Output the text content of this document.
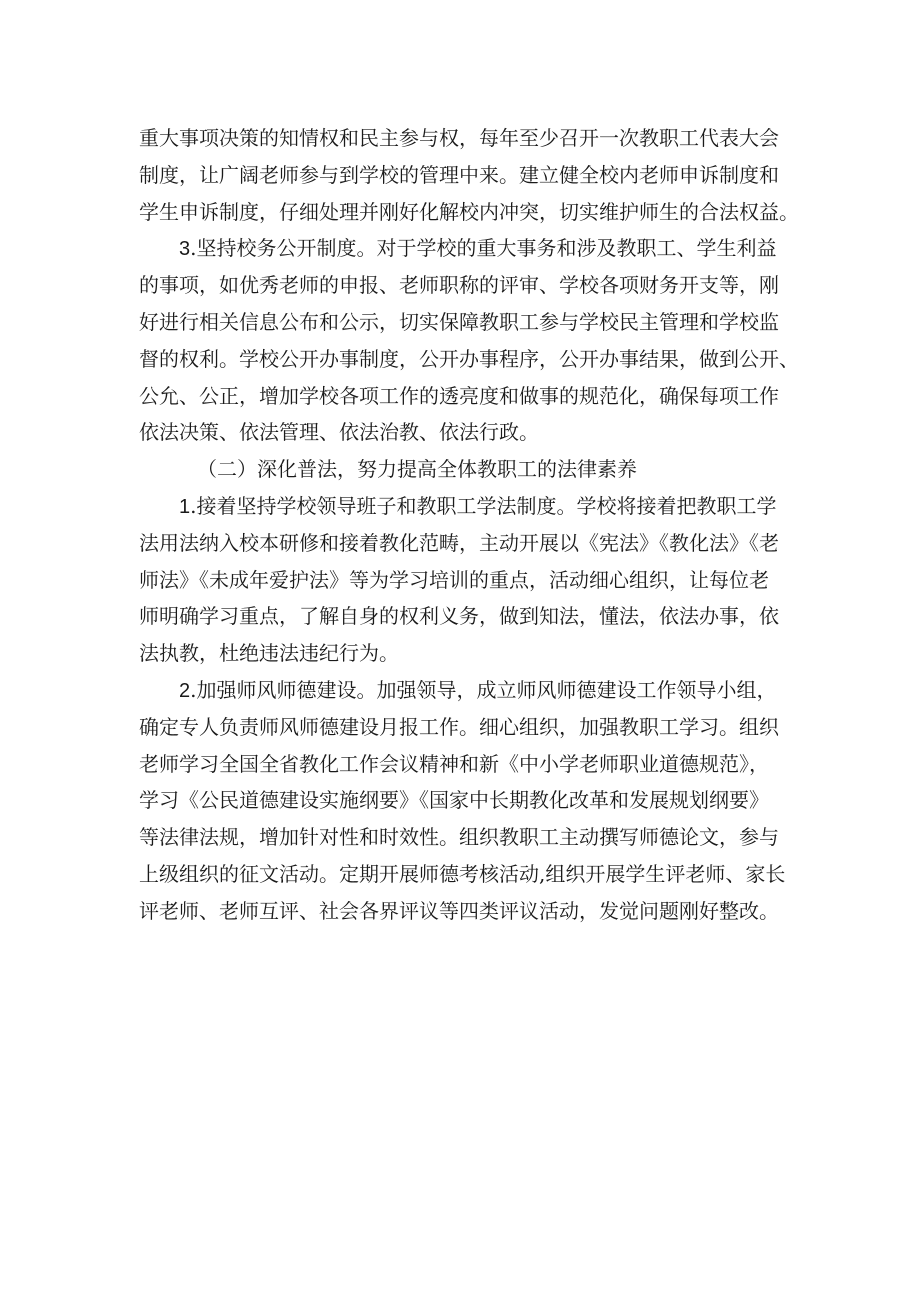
重大事项决策的知情权和民主参与权，每年至少召开一次教职工代表大会
制度，让广阔老师参与到学校的管理中来。建立健全校内老师申诉制度和
学生申诉制度，仔细处理并刚好化解校内冲突，切实维护师生的合法权益。
3.坚持校务公开制度。对于学校的重大事务和涉及教职工、学生利益
的事项，如优秀老师的申报、老师职称的评审、学校各项财务开支等，刚
好进行相关信息公布和公示，切实保障教职工参与学校民主管理和学校监
督的权利。学校公开办事制度，公开办事程序，公开办事结果，做到公开、
公允、公正，增加学校各项工作的透亮度和做事的规范化，确保每项工作
依法决策、依法管理、依法治教、依法行政。
（二）深化普法，努力提高全体教职工的法律素养
1.接着坚持学校领导班子和教职工学法制度。学校将接着把教职工学
法用法纳入校本研修和接着教化范畴，主动开展以《宪法》《教化法》《老
师法》《未成年爱护法》等为学习培训的重点，活动细心组织，让每位老
师明确学习重点，了解自身的权利义务，做到知法，懂法，依法办事，依
法执教，杜绝违法违纪行为。
2.加强师风师德建设。加强领导，成立师风师德建设工作领导小组，
确定专人负责师风师德建设月报工作。细心组织，加强教职工学习。组织
老师学习全国全省教化工作会议精神和新《中小学老师职业道德规范》，
学习《公民道德建设实施纲要》《国家中长期教化改革和发展规划纲要》
等法律法规，增加针对性和时效性。组织教职工主动撰写师德论文，参与
上级组织的征文活动。定期开展师德考核活动,组织开展学生评老师、家长
评老师、老师互评、社会各界评议等四类评议活动，发觉问题刚好整改。
